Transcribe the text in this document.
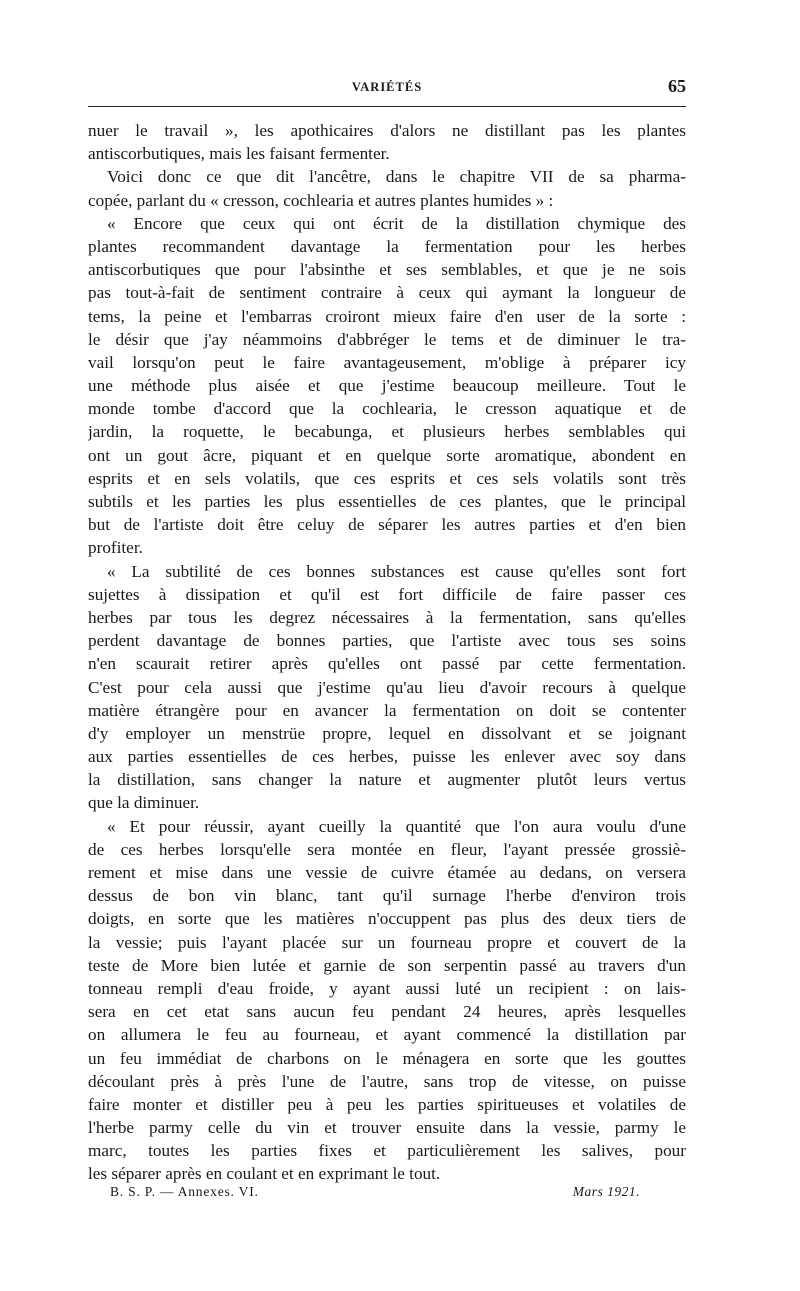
VARIÉTÉS	65
nuer le travail », les apothicaires d'alors ne distillant pas les plantes
antiscorbutiques, mais les faisant fermenter.
Voici donc ce que dit l'ancêtre, dans le chapitre VII de sa pharma-
copée, parlant du « cresson, cochlearia et autres plantes humides » :
« Encore que ceux qui ont écrit de la distillation chymique des
plantes recommandent davantage la fermentation pour les herbes
antiscorbutiques que pour l'absinthe et ses semblables, et que je ne sois
pas tout-à-fait de sentiment contraire à ceux qui aymant la longueur de
tems, la peine et l'embarras croiront mieux faire d'en user de la sorte :
le désir que j'ay néammoins d'abbréger le tems et de diminuer le tra-
vail lorsqu'on peut le faire avantageusement, m'oblige à préparer icy
une méthode plus aisée et que j'estime beaucoup meilleure. Tout le
monde tombe d'accord que la cochlearia, le cresson aquatique et de
jardin, la roquette, le becabunga, et plusieurs herbes semblables qui
ont un gout âcre, piquant et en quelque sorte aromatique, abondent en
esprits et en sels volatils, que ces esprits et ces sels volatils sont très
subtils et les parties les plus essentielles de ces plantes, que le principal
but de l'artiste doit être celuy de séparer les autres parties et d'en bien
profiter.
« La subtilité de ces bonnes substances est cause qu'elles sont fort
sujettes à dissipation et qu'il est fort difficile de faire passer ces
herbes par tous les degrez nécessaires à la fermentation, sans qu'elles
perdent davantage de bonnes parties, que l'artiste avec tous ses soins
n'en scaurait retirer après qu'elles ont passé par cette fermentation.
C'est pour cela aussi que j'estime qu'au lieu d'avoir recours à quelque
matière étrangère pour en avancer la fermentation on doit se contenter
d'y employer un menstrüe propre, lequel en dissolvant et se joignant
aux parties essentielles de ces herbes, puisse les enlever avec soy dans
la distillation, sans changer la nature et augmenter plutôt leurs vertus
que la diminuer.
« Et pour réussir, ayant cueilly la quantité que l'on aura voulu d'une
de ces herbes lorsqu'elle sera montée en fleur, l'ayant pressée grossiè-
rement et mise dans une vessie de cuivre étamée au dedans, on versera
dessus de bon vin blanc, tant qu'il surnage l'herbe d'environ trois
doigts, en sorte que les matières n'occuppent pas plus des deux tiers de
la vessie; puis l'ayant placée sur un fourneau propre et couvert de la
teste de More bien lutée et garnie de son serpentin passé au travers d'un
tonneau rempli d'eau froide, y ayant aussi luté un recipient : on lais-
sera en cet etat sans aucun feu pendant 24 heures, après lesquelles
on allumera le feu au fourneau, et ayant commencé la distillation par
un feu immédiat de charbons on le ménagera en sorte que les gouttes
découlant près à près l'une de l'autre, sans trop de vitesse, on puisse
faire monter et distiller peu à peu les parties spiritueuses et volatiles de
l'herbe parmy celle du vin et trouver ensuite dans la vessie, parmy le
marc, toutes les parties fixes et particulièrement les salives, pour
les séparer après en coulant et en exprimant le tout.
B. S. P. — Annexes. VI.	Mars 1921.
